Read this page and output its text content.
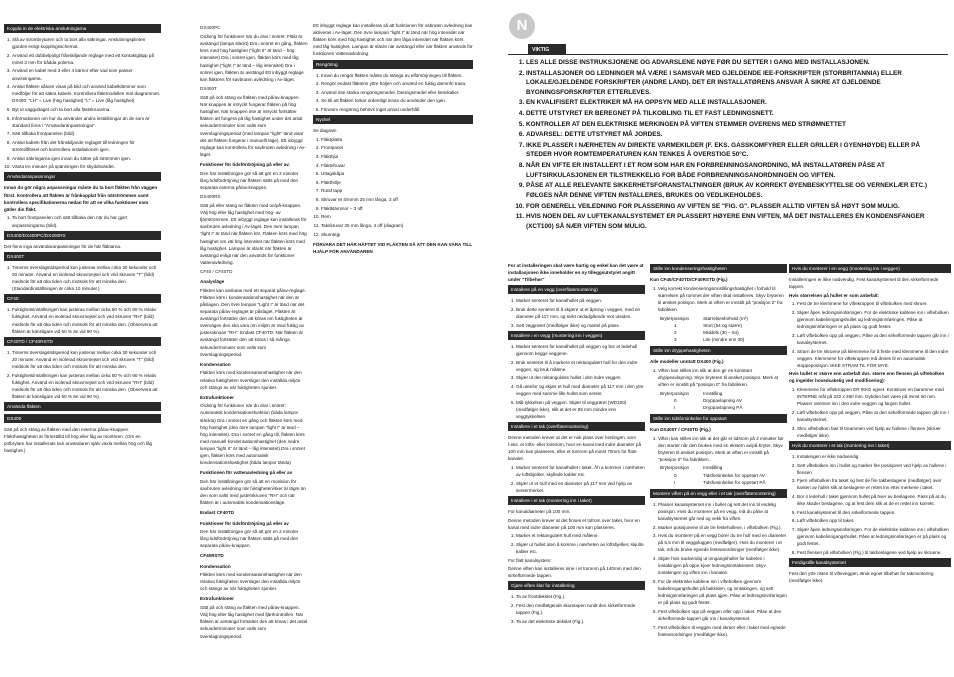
Koppla in de elektriska anslutningarna
1. Slå av strömbrytaren och ta bort alla säkringar. Anslutningsplinten gjordes enligt kopplingsschemat.
2. Använd ett dubbelpoligt frånskiljande reglage med ett kontaktgläpp på minst 3 mm för bådda polerna.
3. Använd en kabel med 3 eller 4 kärnor efter vad som passer anvisningarna.
4. Anslut fläkten såsom visas på bild och använd kabelklämmor som medföljer för att säkra kabeln. Kontrollera fläktmodellen mot diagrammet. DX400: "LH" = Live (hög hastighet) "L" = Live (låg hastighet)
5. Byt ut vägguttaget och ta bort alla fästskruvarna.
6. Informationen om hur du använder andra inställningar än de som är standard finns i "Användaranpassningar".
7. Sätt tillbaka frontpanelen (bild).
8. Anslut kabeln från det frånskiljande reglaget till ledningen för strömtillförsel och kontrollera installationen igen.
9. Anslut säkringarna igen innan du sätter på strömmen igen.
10. Vänta tre minuter på spänningen för skyddsvärdet.
Användaranpassningar

Innan du gör några anpassningar måste du ta bort fläkten från väggen först. Kontrollera att fläkten är frånkopplat från nätströmmen samt kontrollera specifikationerna nedan för att se vilka funktioner som gäller din fläkt.

1. Ta bort frontpanelen och sätt tillbaka den när du har gjort anpassningarna (bild).
DX400/DX400PC/DX400RS

Det finns inga användaranpassningar för de här fläktarna.

DX400T
1. Timerns överslagstidsperiod kan justeras mellan cirka 30 sekunder och 20 minuter. Använd en isolerad skruvmejsel och vrid skruven "T" (bild) medsols för att öka tiden och motsols för att minska den. (Standardinställningen är cirka 10 minuter.)
CF40
1. Fuktighetsinställningen kan justeras mellan cirka 50 % och 90 % relativ fuktighet. Använd en isolerad skruvmejsel och vrid skruven "RH" (bild) medsols för att öka tiden och motsols för att minska den. (Observera att fläkten är känsligare vid 50 % än vid 90 %).
CF40TD / CF40RSTD
1. Timerns överslagstidsperiod kan justeras mellan cirka 30 sekunder och 20 minuter. Använd en isolerad skruvmejsel och vrid skruven "T" (bild) medsols för att öka tiden och motsols för att minska den.
2. Fuktighetsinställningen kan justeras mellan cirka 50 % och 90 % relativ fuktighet. Använd en isolerad skruvmejsel och vrid skruven "RH" (bild) medsols för att öka tiden och motsols för att minska den. (Observera att fläkten är känsligare vid 50 % än vid 90 %).
Använda fläkten
DX400

Sätt på och stäng av fläkten med den externa på/av-knappen. Fläkthastigheten är förinställd till hög eller låg av montören. (Om en polbrytare har installerats kan användaren själv växla mellan hög och låg hastighet.)

DX400PC

Ordning för funktioner när du drar i snöret: Fläkt är avstängd (lampa släckt) Dra i snöret en gång, fläkten körs med hög hastighet ("light II" är tänd – hög intensitet) Dra i snöret igen, fläkten körs med låg hastighet ("light I" är tänd – låg intensitet) Dra i snöret igen, fläkten är avstängd Ett inbyggt reglage kan fläktens för savbruten avledning i Av-läget.

DX400T

Sätt på och stäng av fläkten med på/av-knappen. När knappen är intryckt fungerar fläkten på hög hastighet. När knappen inte är intryckt fortsätter fläkten att fungera på låg hastighet under det antal sekunder/minuter som valts som överslagningsperiod (med lampan "light" tänd visar det att fläkten fungerar i manuellt läge). Ett inbyggt reglage kan kontrollera för savbruten avledning i Av-läget.

Funktioner för tidsfördröjning på eller av.

Den här inställningen gör så att gör en 2 minuter lång tidsfördröjning när fläkten sätts på med den separata externa på/av-knappen.

DX400RS

Sätt på eller stäng av fläkten med on/på-knappen. Välj hög eller låg hastighet med hög- av fjärrströmmen. Ett inbyggt reglage kan installeras för savbruten avledning i Av-läget. Den övre lampan "light I" är tänd när fläkten kör. Fläkten körs med hög hastighet om väl hög intensitet när fläkten körs med låg hastighet. Lampan är släckt när fläkten är avstängd enligt när den används för funktioner Vattenavledning.

CF40 / CF40TD

Analysläge

Fläkten kan anslutas med ett separat på/av-reglage. Fläkten körs i kondensationshastighet när den är påslagen. Den övre lampan "Light I" är tänd när det separata på/av-reglaget är påslaget. Fläkten är avstängd fortsätter den att köras om fuktigheten är övervägen den ska vara om miljön är med fuktig av justeraknoan "RH". Endast CF40TD: När fläkten är avstängd fortsätter den att köras i så många sekunder/minuter som valts som överslagningsperiod.

Kondensation

Fläkten körs med kondensationshastighet när den relativa fuktigheten överstiger den inställda miljön och stängs av när fuktigheten sjunker.

Extrafunktioner

Ordning för funktioner när du drar i snöret: Automatisk kondensationsfunktion (båda lampor släckta) Dra i snöret en gång och fläkten körs med hög hastighet (den övre lampan "light I" är tänd – hög intensitet). Dra i snöret en gång till, fläkten körs med manuell kondensationshastighet (den nedre lampan "light II" är tänd – låg intensitet) Dra i snöret igen, fläkten körs med automatisk kondensationshastighet (båda lampor tända)

Funktionen för vattenavledning på eller av

Den här inställningen gör så att en monitiion för savbruten avledning när fuktigheten/sker är lägre än den som valts med justerskruven "RH" och när fläkten är i automatisk kondensationsläge.

Endast CF40TD

Funktioner för tidsfördröjning på eller av

Den här inställningen gör så att gör en 2 minuter lång tidsfördröjning när fläkten sätts på med den separata på/av-knappen.

CF40RSTD

Kondensation

Fläkten körs med kondensationshastighet när den relativa fuktigheten överstiger den inställda miljön och stängs av när fuktigheten sjunker.

Extrafunktioner

Sätt på och stäng av fläkten med på/av-knappen. Välj hög eller låg hastighet med fjärrkontrollen. När fläkten är avstängd fortsätter den att köras i det antal sekunder/minuter som valts som överslagningsperiod.

Ett inbyggt reglage kan installeras så att funktionen för osbruten avledning kan aktiveras i Av-läget. Den övre lampan "light I" är tänd när hög intensitet när fläkten körs med hög hastighet och när den låga intensitet när fläkten körs med låg hastighet. Lampan är släckt när avstängd eller när fläkten används för funktionen Vattenavledning.

Rengöring
1. Innan du rengör fläkten måste du stänga av elförsörjningen till fläkten.
2. Rengör endast fläktens yttre höljen och använd en fuktig dammfri trasa.
3. Använd inte starka rengöringsmedel, lösningsmedel eller kemikalier.
4. Se till att fläkten torkar ordentligt innan du använder den igen.
5. Förutom rengöring behövs inget annat underhåll.
Nyckel

Se diagram

1. Fläktplatta
2. Frontpanel
3. Fläkthjul
4. Fläktehuvar
5. Uttagskåpa
6. Fläkthölje
7. Rund tapp
8. Skruvar M 4/mmm 25 mm långa, 3 off
9. Fläktklämmor – 3 off
10. Rem
11. Takskruvar 25 mm långa, 4 off (diagram)
12. Skumtejp

FÖRVARA DET HÄR HÄFTET VID FLÄKTEN SÅ ATT DEN KAN VARA TILL HJÄLP FÖR ANVÄNDAREN

N
VIKTIG
1. LES ALLE DISSE INSTRUKSJONENE OG ADVARSLENE NØYE FØR DU SETTER I GANG MED INSTALLASJONEN.
2. INSTALLASJONER OG LEDNINGER MÅ VÆRE I SAMSVAR MED GJELDENDE IEE-FORSKRIFTER (STORBRITANNIA) ELLER LOKALE/GJELDENDE FORSKRIFTER (ANDRE LAND). DET ER INSTALLATØRENS ANSVAR Å SIKRE AT GJELDENDE BYGNINGSFORSKRIFTER ETTERLEVES.
3. EN KVALIFISERT ELEKTRIKER MÅ HA OPPSYN MED ALLE INSTALLASJONER.
4. DETTE UTSTYRET ER BEREGNET PÅ TILKOBLING TIL ET FAST LEDNINGSNETT.
5. KONTROLLER AT DEN ELEKTRISKE MERKINGEN PÅ VIFTEN STEMMER OVERENS MED STRØMNETTET
6. ADVARSEL: DETTE UTSTYRET MÅ JORDES.
7. IKKE PLASSER I NÆRHETEN AV DIREKTE VARMEKILDER (F. EKS. GASSKOMFYRER ELLER GRILLER I GYENHØYDE) ELLER PÅ STEDER HVOR ROMTEMPERATUREN KAN TENKES Å OVERSTIGE 50°C.
8. NÅR EN VIFTE ER INSTALLERT I ET ROM SOM HAR EN FORBRENNINGSANORDNING, MÅ INSTALLATØREN PÅSE AT LUFTSIRKULASJONEN ER TILSTREKKELIG FOR BÅDE FORBRENNINGSANORDNINGEN OG VIFTEN.
9. PÅSE AT ALLE RELEVANTE SIKKERHETSFORANSTALTNINGER (BRUK AV KORREKT ØYENBESKYTTELSE OG VERNEKLÆR ETC.) FØLGES NÅR DENNE VIFTEN INSTALLERES, BRUKES OG VEDLIKEHOLDES.
10. FOR GENERELL VEILEDNING FOR PLASSERING AV VIFTEN SE "FIG. G". PLASSER ALLTID VIFTEN SÅ HØYT SOM MULIG.
11. HVIS NOEN DEL AV LUFTEKANALSYSTEMET ER PLASSERT HØYERE ENN VIFTEN, MÅ DET INSTALLERES EN KONDENSFANGER (XCT100) SÅ NÆR VIFTEN SOM MULIG.

For at installeringen skal være hurtig og enkel kan det være at installasjonen ikke inneholder en ny tilleggsutstyret angitt under "Tilbehør"

Installere på en vegg (overflatemontering)
1. Marker senteret for kanalhullet på veggen.
2. Bruk dette senteret til å skjære ut et åpning i veggen, med en diameter på 117 mm, og svikt nedadgående mot utsiden.
3. Sett veggrøret (medfølger ikke) og mørtel på plass.
Installere i en vegg (montering inn i veggen)
1. Marker senteret for kanalhullet på veggen og bor et ledehull gjennom begge veggene.
2. Bruk senteret til å markere et rektangulært hull for den indre veggen, og bruk målene.
3. Skjær ut det rektangulære hullet i den indre veggen.
4. Gå utenfor og skjær et hull med diameter på 117 mm i den ytre veggen med samme lille hullet som senter.
5. Mål tykkelsen på veggen. Skjær til veggrøret (WD100) (medfølger ikke), slik at det er 85 mm mindre enn veggtykkelsen.
Installere i et tak (overflatemontering)

Denne metoden krever at det er nok plass over himlingen, som f.eks. et lofts- eller kvistrom, hvor en kanal med indre diameter på 100 mm kan plasseres, eller et tomrom på minst 70mm for flate kanaler.

1. Marker senteret for kanalhullet i taket. Åh a kommer i nærheten av loftsbjelker, skyllede kabler etc.
2. Skjær ut et hull med en diameter på 117 mm ved hjelp av sentermerket.
Installere i et tak (montering inn i taket)

For kanaldiameter på 100 mm.

Denne metoden krever at det finnes et tofrom over taket, hvor en kanal med indre diameter på 100 mm kan plasseres.

1. Marker et rektangulært hull med målene.
2. Skjær ut hullet uten å komme i nærheten av loftsbjelker, skjulte kabler etc.

For flatt kanalsystem:

Denne viften kan installeres inne i et tomrom på 140mm med den sirkelformede tappen.

Gjøre viften klar for installering
1. Ta av frontdekslet (Fig.).
2. Fest den medfølgende skumtapen rundt den sirkelformede tappen (Fig.).
3. Ta av det elektriske dekslet (Fig.).
Stille inn kondenseringshastigheten

Kun CF40/CF40TD/CF40RSTD (Fig.)

1. Velg korrekt kondenseringsinnstillingshastighet i forhold til størrelsen på rommet der viften skal installeres. Skyv bryteren til ønsket posisjon. Merk at viften er innstilt på "posisjon 2" fra fabrikken.
Bryterposisjon	Størrelsesforhold (m²)
1	Stort (54 og større)
2	Middels (30 – 54)
3	Lite (mindre enn 30)
Stille inn dryppehastigheten

Alle modeller unntatt DX400 (Fig.)

1. Viften kan stilles inn slik at den gir en konstant dryppeavlapning. Skyv bryteren til ønsket posisjon. Merk at viften er innstilt på "posisjon 0" fra fabrikken.
Bryterposisjon	Innstilling
0	Dryppavlapning AV
I	Dryppavlapning PÅ
Stille inn tidsforsinkelse for oppstart

Kun DX400T / CF40TD (Fig.)

1. Viften kan stilles inn slik at det går et tidsrom på 2 minutter før den starter når den brukes med en ekstern av/på-bryter. Skyv bryteren til ønsket posisjon. Merk at viften er innstilt på "posisjon 0" fra fabrikken.
Bryterposisjon	Innstilling
0	Tidsforsinkelse for oppstart AV
I	Tidsforsinkelse for oppstart PÅ
Montere viften på en vegg eller i et tak (overflatemontering)
1. Plasser kanalsystemet inn i hullet og rett det inn til endelig posisjon. Hvis du monterer på en vegg, må du påse at kanalsystemet går ned og vekk fra viften.
2. Marker posisjonene til de tre festehullene, i viftebolken (Fig.).
3. Hvis du monterer på en vegg borer du tre hull med en diameter på 5,5 mm til veggpluggen (medfølger). Hvis du monterer i et tak, må du bruke egnede festeanordninger (medfølger ikke).
4. Skjær hvis nødvendig ut inngangshullet for kabelen i inntakingen på oppe kjoer ledningsinntaksrøret. Skyv inntakingen og viften inn i kanalen.
5. For de elektriske kablene inn i viftebolken gjennom kabelinngangshullet på baksiden, og inntakingen, og sett ledningsinnføringen på plass igjen. Påse at ledningsinnføringen er på plass og godt festet.
6. Fest viftebolken opp på veggen eller opp i taket. Påse at den sirkelformede tappen går inn i kanalsystemet.
7. Fest viftebolken til veggen med skruer eller i taket med egnede festeanordninger (medfølger ikke).
Hvis du monterer i en vegg (montering inn i veggen)

Installeringen er ikke nødvendig. Fest kanalsystemet til den sirkelformede tappen.

Hvis størrelsen på hullet er som anbefalt:

1. Fest de tre klemmene for viftekroppen til viftebolken med skruer.
2. Skjær åpen ledningsinnføringen. For de elektriske kablene inn i viftebolken gjennom kabelinngangshullet og ledningsinnføringen. Påse at ledningsinnføringen er på plass og godt festet.
3. Løft viftebolken opp på veggen. Påse at den sirkelformede tappen går inn i kanalsystemet.
4. Strarn de tre skruene på klemmene for å feste med klemmene til den indre veggen. Klemmene for viftekroppen må dreies til en automatisk stoppeposisjon. IKKE STRAM TIL FOR MYE.

Hvis hullet er større enn anbefalt dvs. større enn flensen på viftebolken og ingelder hovedsakelig ved modifisering):

1. Klemmene for viftekroppen ER IKKE egnet. Konstruer en baramme med INTERNE mål på 232 x 280 mm. Dybden bør være på minst 50 mm. Plasser rammen inn i den indre veggen og fargen hullet.
2. Løft viftebolken opp på veggen. Påse at den sirkelformede tappen går inn i kanalsystemet.
3. Skru viftebolken fast til treammen ved hjelp av hullene i flensen (skruer medfølger ikke).
Hvis du monterer i et tak (montering inn i taket)
1. Inntakingen er ikke nødvendig.
2. Sett viftebolken inn i hullet og marker fire posisjoner ved hjelp av hullene i flensen.
3. Fjern viftebolken fra taket og fest de fire takbeslagene (medfølger) over kanten av hullet slik at beslagene er rettet inn etter merkene i taket.
4. Bor 4 ledehull i taket gjennom hullet på hver av beslagene. Pass på at du ikke skader beslagene, og at fest dem slik at de er rettet inn korrekt.
5. Fest kanalsystemet til den sirkelformede tappen.
6. Løft viftebolken opp til taket.
7. Skjær åpen ledningsinnføringen. For de elektriske kablene inn i viftebolken gjennom kabelinngangshullet. Påse at ledningsinnføringen er på plass og godt festet.
8. Fest flensen på viftebolken (Fig.) til takbeslagene ved hjelp av skruene.
Ferdigstille kanalsystemet

Fest den ytre risten til vifteveggen. Bruk egnet tilbehør for takmontering (medfølger ikke).
